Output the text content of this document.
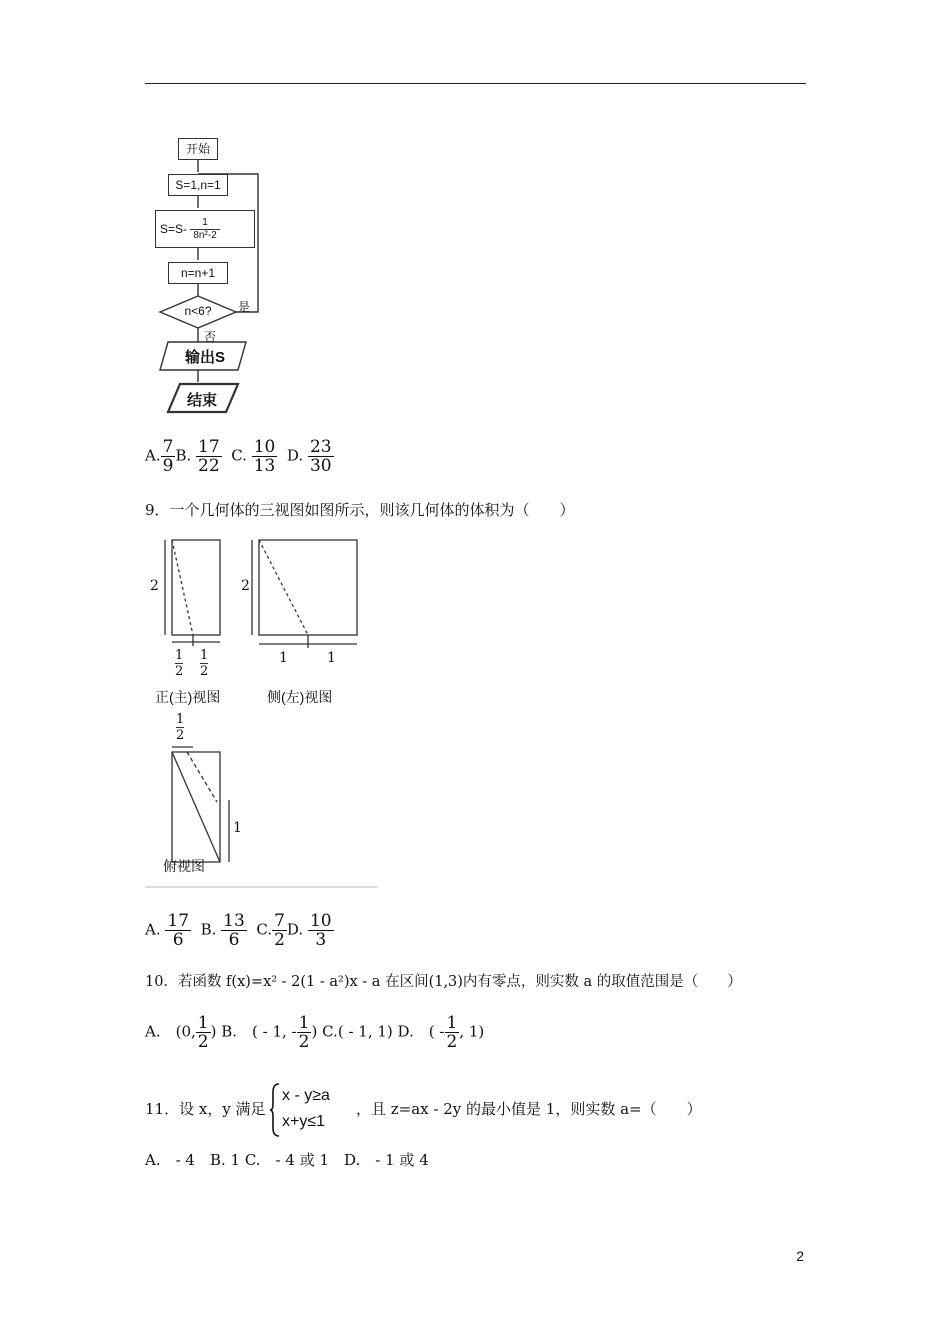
开始
S=1,n=1
$S=S- \frac{1}{\text{8n²-2}}$
n=n+1
n<6?	是
否
输出S
结束
A. $\frac{7}{9} B$. $\frac{17}{22} C$. $\frac{10}{13} D$. $\frac{23}{30}$
9．一个几何体的三视图如图所示，则该几何体的体积为（　　）
2
$\frac{1}{2} \frac{1}{2}$
正(主)视图
2
1	1
侧(左)视图
$\frac{1}{2}$
1
俯视图
A. $\frac{17}{6} B$. $\frac{13}{6} C$. $\frac{7}{2} D$. $\frac{10}{3}$
10．若函数 f(x)=x² - 2(1 - a²)x - a 在区间(1,3)内有零点，则实数 a 的取值范围是（　　）
A.　(0, $\frac{1}{2}$ ) B.　( - 1, - $\frac{1}{2}$ ) C.( - 1, 1) D.　( - $\frac{1}{2}$ , 1)
11．设 x，y 满足
x - y≥a
x+y≤1
，且 z=ax - 2y 的最小值是 1，则实数 a=（　　）
A.　- 4　B. 1 C.　- 4 或 1　D.　- 1 或 4
2
